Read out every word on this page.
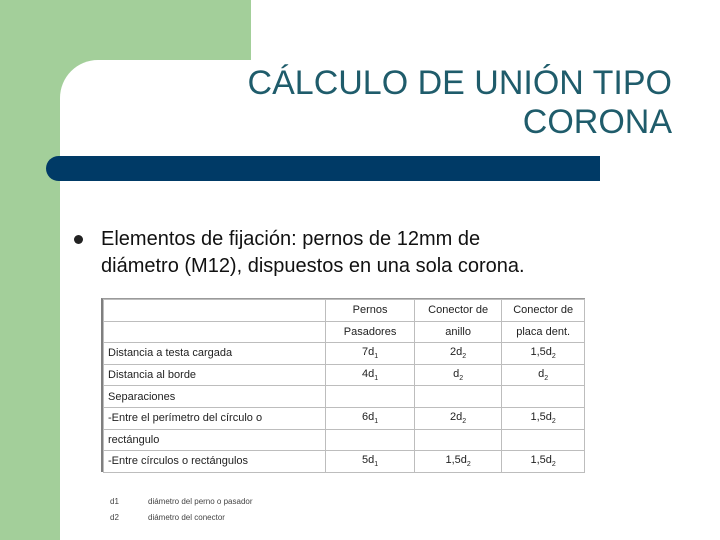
CÁLCULO DE UNIÓN TIPO
CORONA
Elementos de fijación: pernos de 12mm de
diámetro (M12), dispuestos en una sola corona.
	Pernos	Conector de	Conector de
	Pasadores	anillo	placa dent.
Distancia a testa cargada	$7d_1$	$2d_2$	$1,5d_2$
Distancia al borde	$4d_1$	$d_2$	$d_2$
Separaciones			
-Entre el perímetro del círculo o	$6d_1$	$2d_2$	$1,5d_2$
rectángulo			
-Entre círculos o rectángulos	$5d_1$	$1,5d_2$	$1,5d_2$
d1	diámetro del perno o pasador
d2	diámetro del conector
